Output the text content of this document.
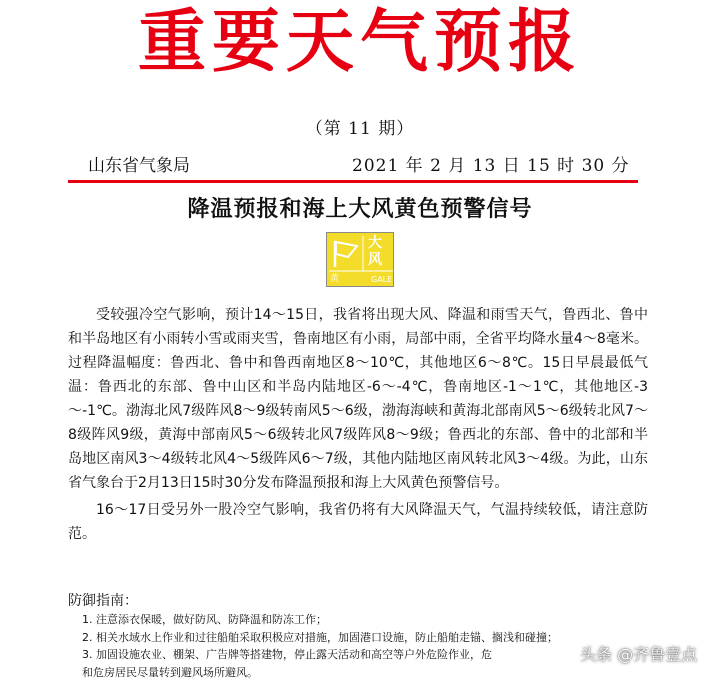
重要天气预报
（第 11 期）
山东省气象局	2021 年 2 月 13 日 15 时 30 分
降温预报和海上大风黄色预警信号
大
风
黄	GALE

受较强冷空气影响，预计14～15日，我省将出现大风、降温和雨雪天气，鲁西北、鲁中和半岛地区有小雨转小雪或雨夹雪，鲁南地区有小雨，局部中雨，全省平均降水量4～8毫米。过程降温幅度：鲁西北、鲁中和鲁西南地区8～10℃，其他地区6～8℃。15日早晨最低气温：鲁西北的东部、鲁中山区和半岛内陆地区-6～-4℃，鲁南地区-1～1℃，其他地区-3～-1℃。渤海北风7级阵风8～9级转南风5～6级，渤海海峡和黄海北部南风5～6级转北风7～8级阵风9级，黄海中部南风5～6级转北风7级阵风8～9级；鲁西北的东部、鲁中的北部和半岛地区南风3～4级转北风4～5级阵风6～7级，其他内陆地区南风转北风3～4级。为此，山东省气象台于2月13日15时30分发布降温预报和海上大风黄色预警信号。

16～17日受另外一股冷空气影响，我省仍将有大风降温天气，气温持续较低，请注意防范。

防御指南：
1. 注意添衣保暖，做好防风、防降温和防冻工作；
2. 相关水域水上作业和过往船舶采取积极应对措施，加固港口设施，防止船舶走锚、搁浅和碰撞；
3. 加固设施农业、棚架、广告牌等搭建物，停止露天活动和高空等户外危险作业，危
和危房居民尽量转到避风场所避风。
头条 @齐鲁壹点
